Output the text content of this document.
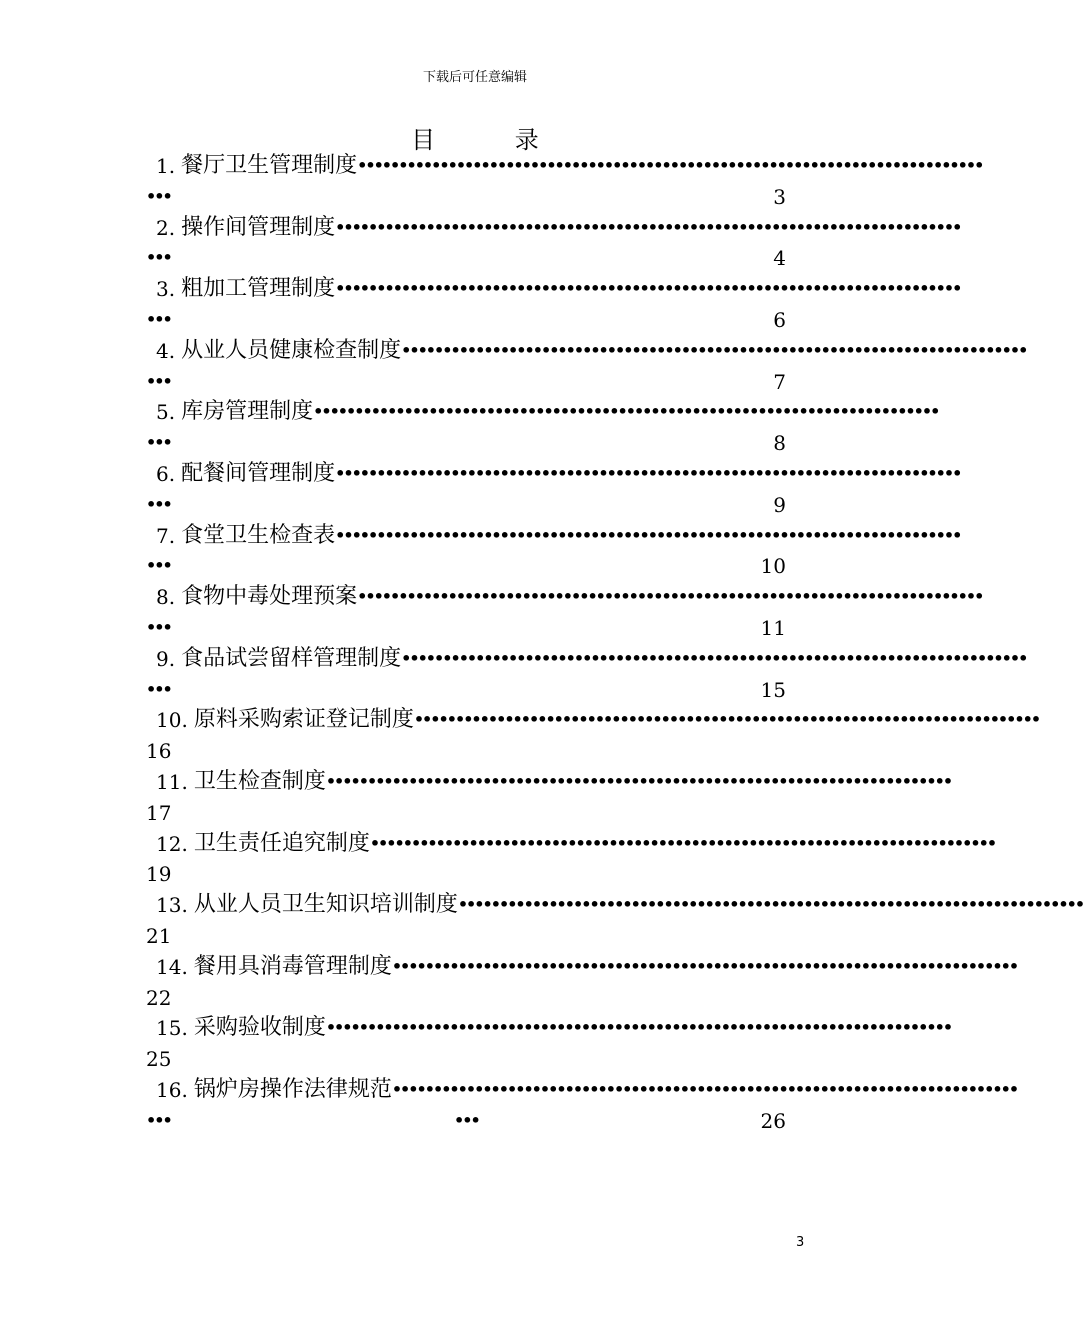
下载后可任意编辑
目 录
1. 餐厅卫生管理制度 ••••••••••••••••••••••••••••••••••••••••••••••••••••••••••••••••••••••••••••
•••	3
2. 操作间管理制度 ••••••••••••••••••••••••••••••••••••••••••••••••••••••••••••••••••••••••••••
•••	4
3. 粗加工管理制度 ••••••••••••••••••••••••••••••••••••••••••••••••••••••••••••••••••••••••••••
•••	6
4. 从业人员健康检查制度 ••••••••••••••••••••••••••••••••••••••••••••••••••••••••••••••••••••••••••••
•••	7
5. 库房管理制度 ••••••••••••••••••••••••••••••••••••••••••••••••••••••••••••••••••••••••••••
•••	8
6. 配餐间管理制度 ••••••••••••••••••••••••••••••••••••••••••••••••••••••••••••••••••••••••••••
•••	9
7. 食堂卫生检查表 ••••••••••••••••••••••••••••••••••••••••••••••••••••••••••••••••••••••••••••
•••	10
8. 食物中毒处理预案 ••••••••••••••••••••••••••••••••••••••••••••••••••••••••••••••••••••••••••••
•••	11
9. 食品试尝留样管理制度 ••••••••••••••••••••••••••••••••••••••••••••••••••••••••••••••••••••••••••••
•••	15
10. 原料采购索证登记制度 ••••••••••••••••••••••••••••••••••••••••••••••••••••••••••••••••••••••••••••
16
11. 卫生检查制度 ••••••••••••••••••••••••••••••••••••••••••••••••••••••••••••••••••••••••••••
17
12. 卫生责任追究制度 ••••••••••••••••••••••••••••••••••••••••••••••••••••••••••••••••••••••••••••
19
13. 从业人员卫生知识培训制度 ••••••••••••••••••••••••••••••••••••••••••••••••••••••••••••••••••••••••••••
21
14. 餐用具消毒管理制度 ••••••••••••••••••••••••••••••••••••••••••••••••••••••••••••••••••••••••••••
22
15. 采购验收制度 ••••••••••••••••••••••••••••••••••••••••••••••••••••••••••••••••••••••••••••
25
16. 锅炉房操作法律规范 ••••••••••••••••••••••••••••••••••••••••••••••••••••••••••••••••••••••••••••
•••	•••	26
3
